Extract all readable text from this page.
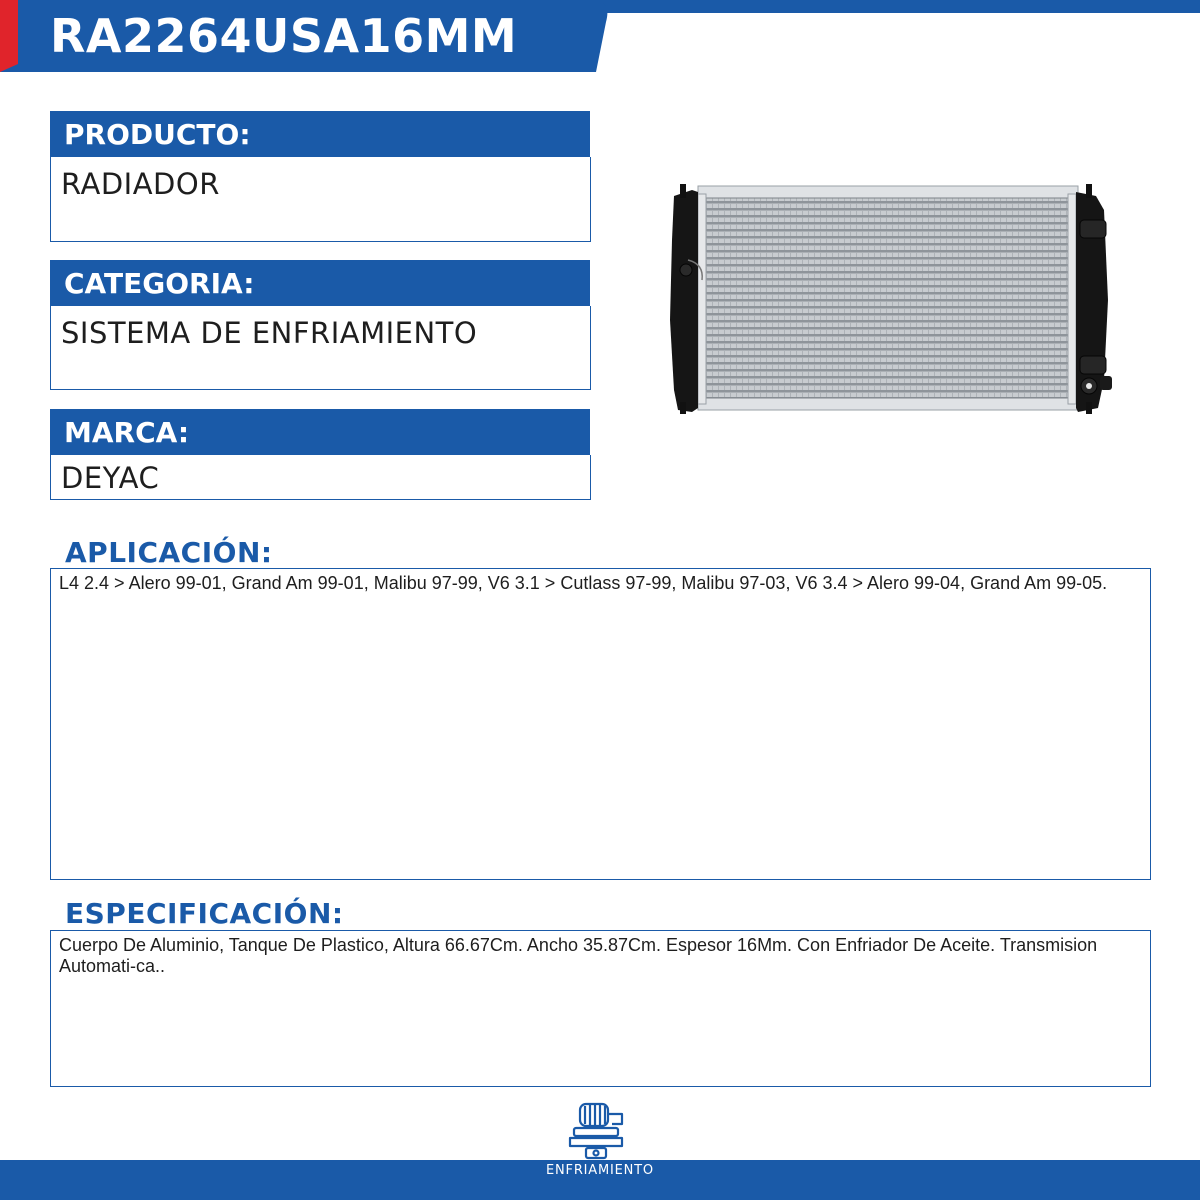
RA2264USA16MM
PRODUCTO:
RADIADOR
CATEGORIA:
SISTEMA DE ENFRIAMIENTO
MARCA:
DEYAC
APLICACIÓN:
L4 2.4 > Alero 99-01, Grand Am 99-01, Malibu 97-99, V6 3.1 > Cutlass 97-99, Malibu 97-03, V6 3.4 > Alero 99-04, Grand Am 99-05.
ESPECIFICACIÓN:
Cuerpo De Aluminio, Tanque De Plastico, Altura 66.67Cm. Ancho 35.87Cm. Espesor 16Mm. Con Enfriador De Aceite. Transmision Automati-ca..
ENFRIAMIENTO
